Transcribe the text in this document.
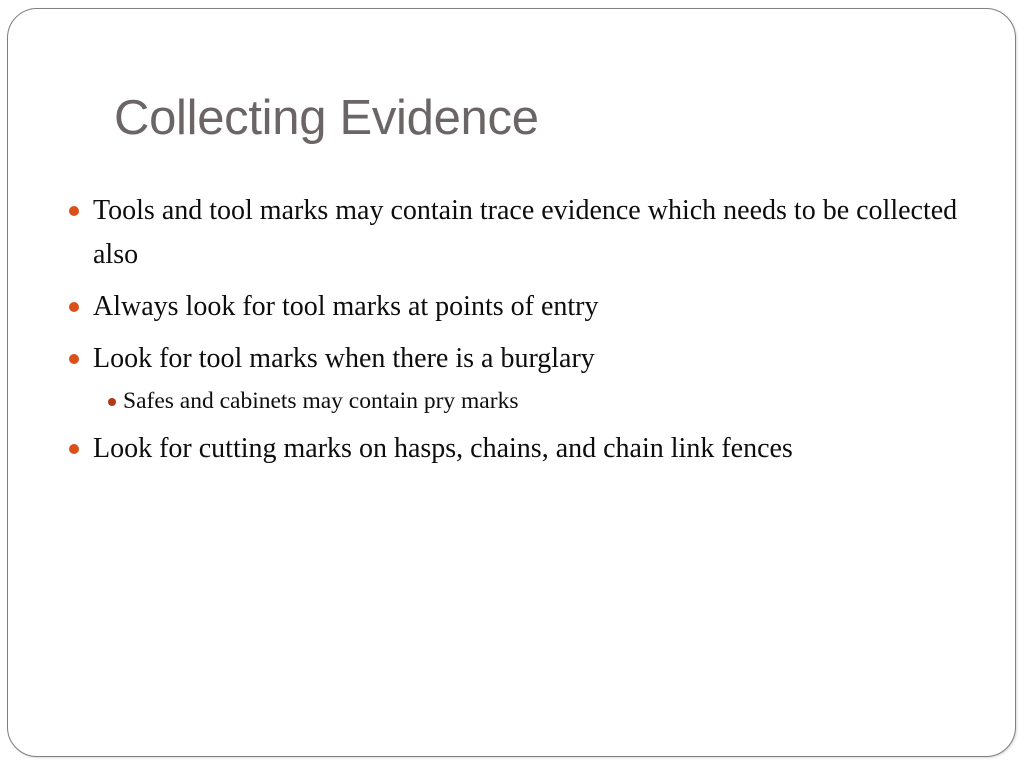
Collecting Evidence
Tools and tool marks may contain trace evidence which needs to be collected also
Always look for tool marks at points of entry
Look for tool marks when there is a burglary
Safes and cabinets may contain pry marks
Look for cutting marks on hasps, chains, and chain link fences
